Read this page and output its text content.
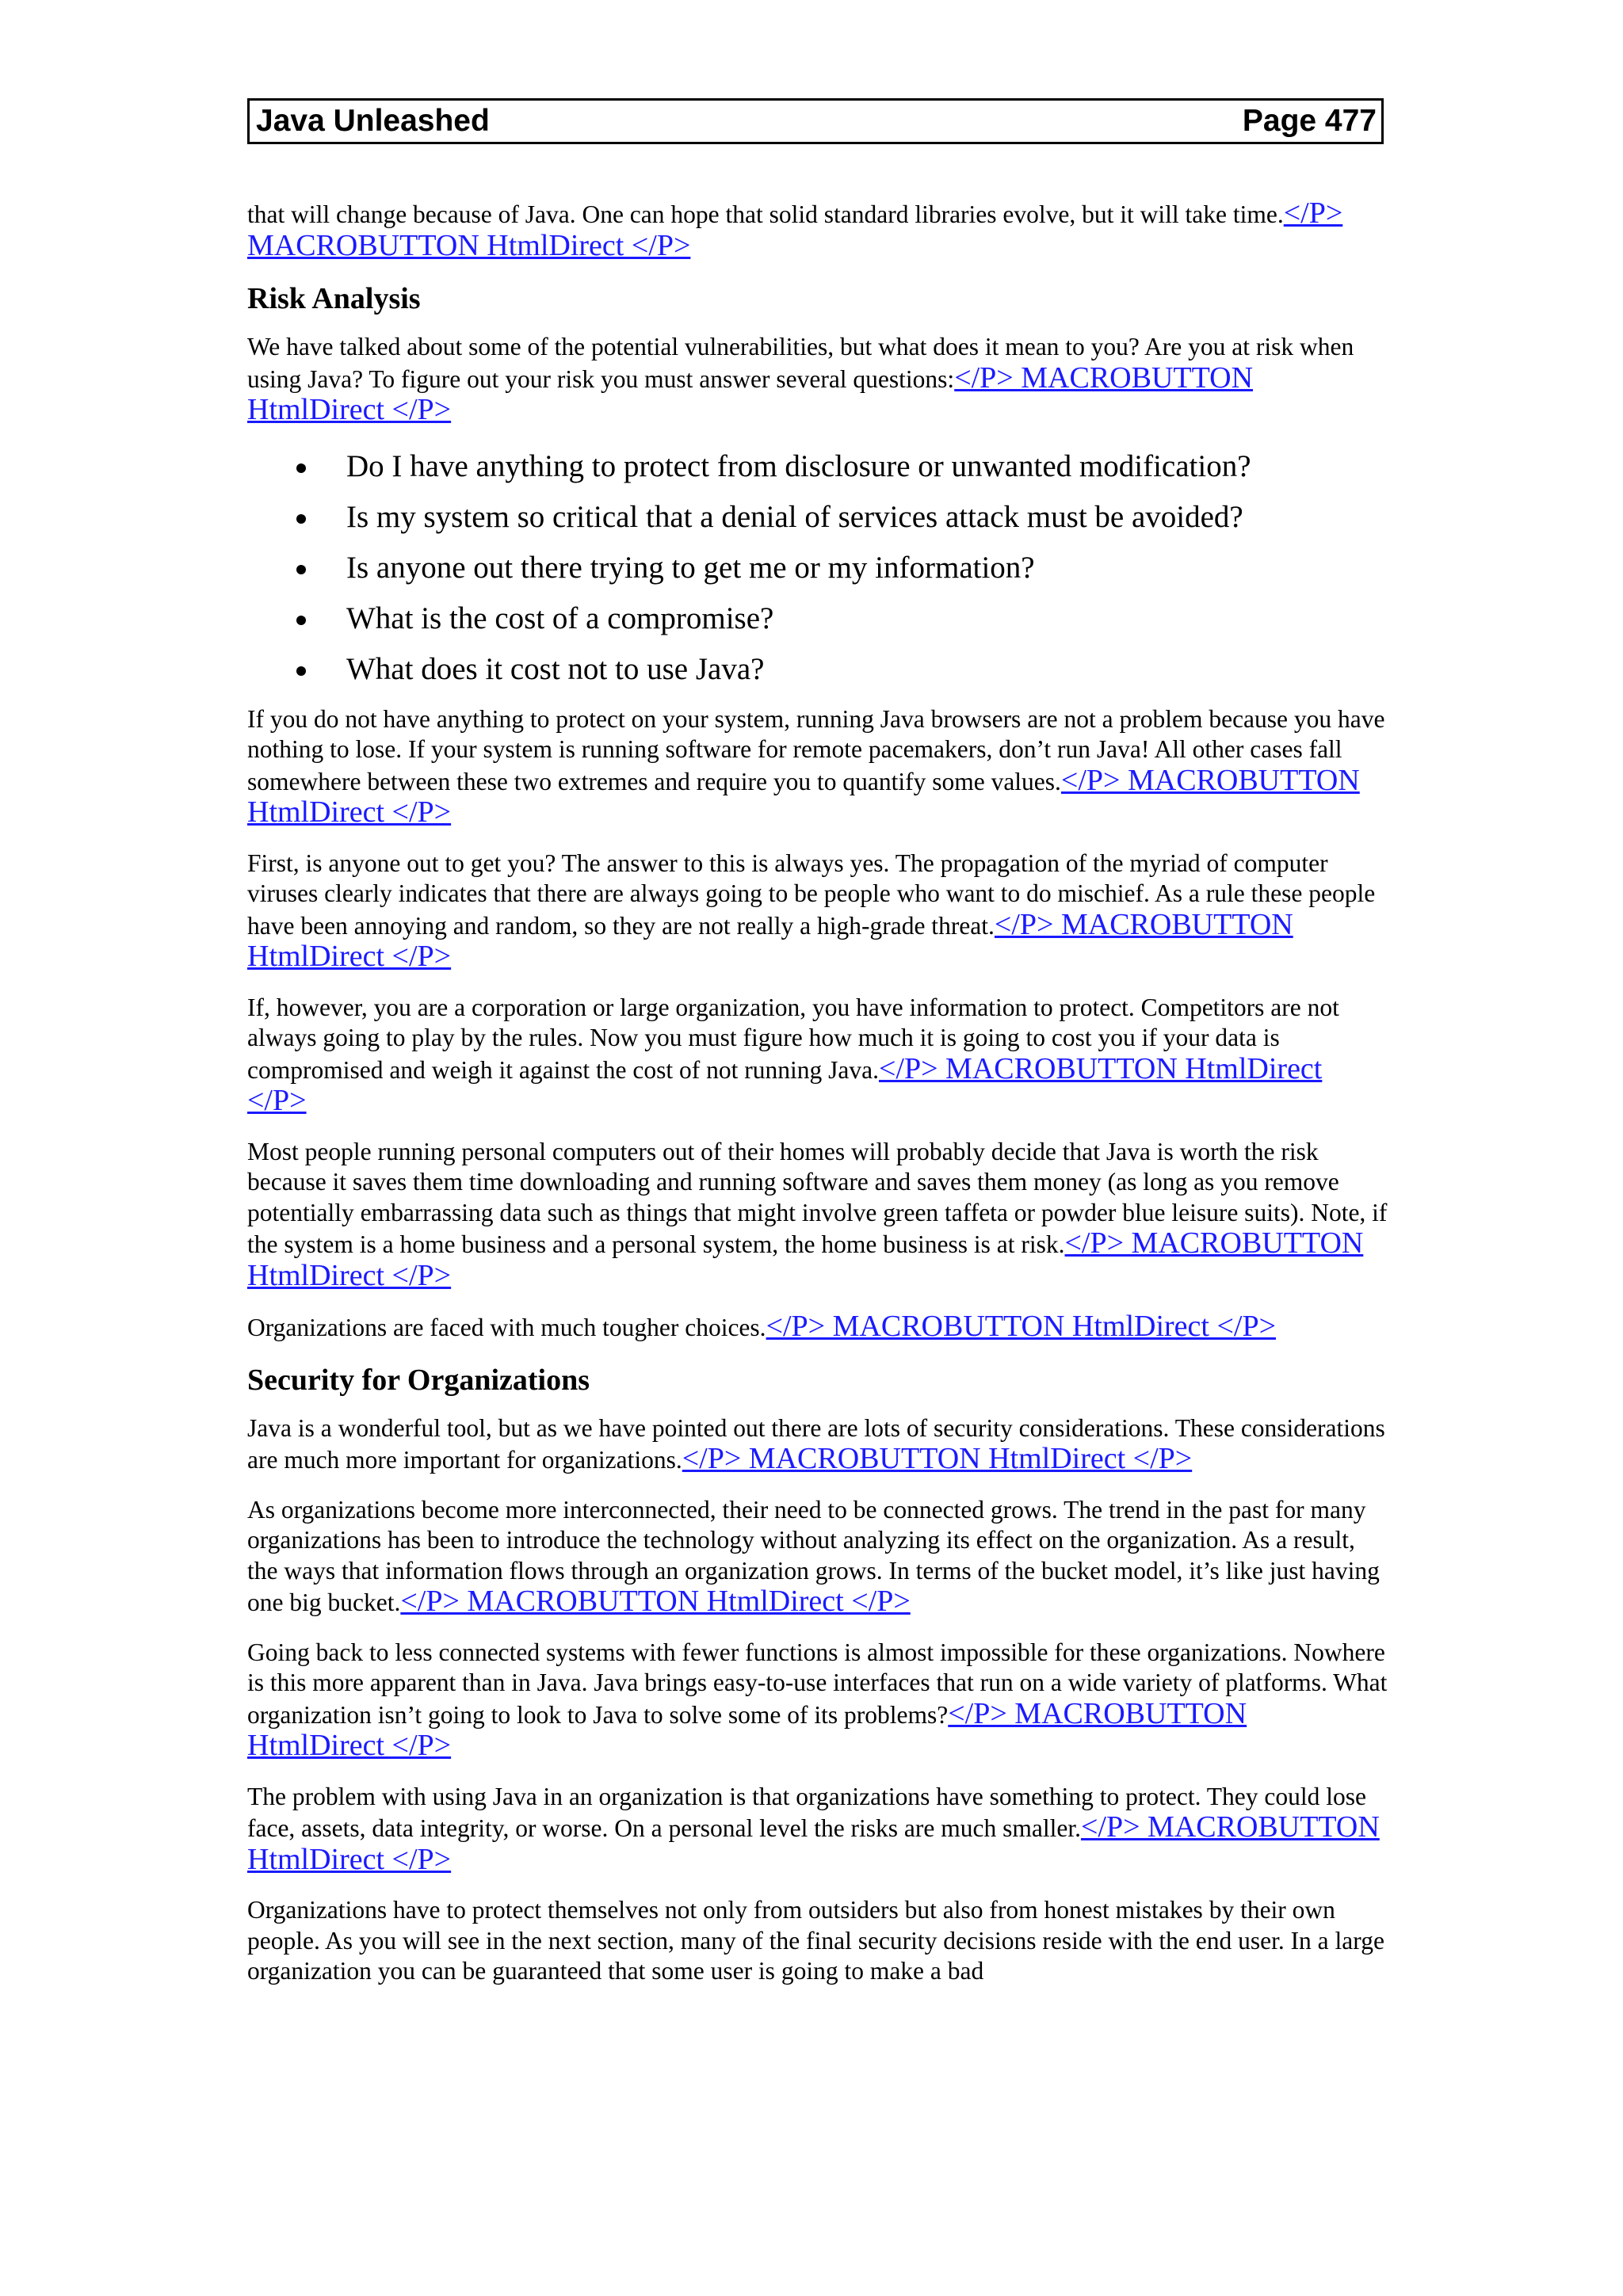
Java Unleashed	Page 477

that will change because of Java. One can hope that solid standard libraries evolve, but it will take time.</P> MACROBUTTON HtmlDirect </P>

Risk Analysis

We have talked about some of the potential vulnerabilities, but what does it mean to you? Are you at risk when using Java? To figure out your risk you must answer several questions:</P> MACROBUTTON HtmlDirect </P>

Do I have anything to protect from disclosure or unwanted modification?
Is my system so critical that a denial of services attack must be avoided?
Is anyone out there trying to get me or my information?
What is the cost of a compromise?
What does it cost not to use Java?

If you do not have anything to protect on your system, running Java browsers are not a problem because you have nothing to lose. If your system is running software for remote pacemakers, don’t run Java! All other cases fall somewhere between these two extremes and require you to quantify some values.</P> MACROBUTTON HtmlDirect </P>

First, is anyone out to get you? The answer to this is always yes. The propagation of the myriad of computer viruses clearly indicates that there are always going to be people who want to do mischief. As a rule these people have been annoying and random, so they are not really a high-grade threat.</P> MACROBUTTON HtmlDirect </P>

If, however, you are a corporation or large organization, you have information to protect. Competitors are not always going to play by the rules. Now you must figure how much it is going to cost you if your data is compromised and weigh it against the cost of not running Java.</P> MACROBUTTON HtmlDirect </P>

Most people running personal computers out of their homes will probably decide that Java is worth the risk because it saves them time downloading and running software and saves them money (as long as you remove potentially embarrassing data such as things that might involve green taffeta or powder blue leisure suits). Note, if the system is a home business and a personal system, the home business is at risk.</P> MACROBUTTON HtmlDirect </P>

Organizations are faced with much tougher choices.</P> MACROBUTTON HtmlDirect </P>

Security for Organizations

Java is a wonderful tool, but as we have pointed out there are lots of security considerations. These considerations are much more important for organizations.</P> MACROBUTTON HtmlDirect </P>

As organizations become more interconnected, their need to be connected grows. The trend in the past for many organizations has been to introduce the technology without analyzing its effect on the organization. As a result, the ways that information flows through an organization grows. In terms of the bucket model, it’s like just having one big bucket.</P> MACROBUTTON HtmlDirect </P>

Going back to less connected systems with fewer functions is almost impossible for these organizations. Nowhere is this more apparent than in Java. Java brings easy-to-use interfaces that run on a wide variety of platforms. What organization isn’t going to look to Java to solve some of its problems?</P> MACROBUTTON HtmlDirect </P>

The problem with using Java in an organization is that organizations have something to protect. They could lose face, assets, data integrity, or worse. On a personal level the risks are much smaller.</P> MACROBUTTON HtmlDirect </P>

Organizations have to protect themselves not only from outsiders but also from honest mistakes by their own people. As you will see in the next section, many of the final security decisions reside with the end user. In a large organization you can be guaranteed that some user is going to make a bad
